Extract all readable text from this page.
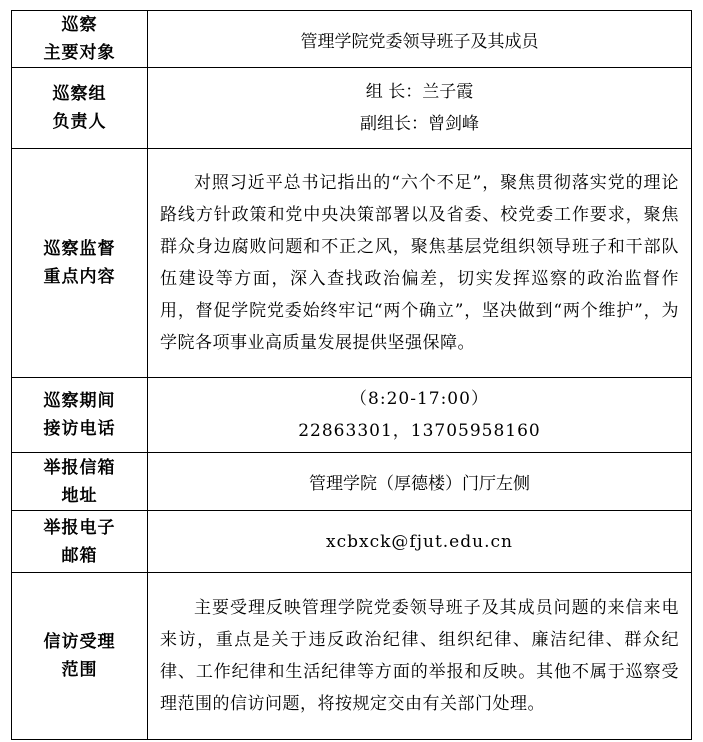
巡察
主要对象	管理学院党委领导班子及其成员

巡察组
负责人	组 长：兰子霞
副组长：曾剑峰

巡察监督
重点内容	对照习近平总书记指出的“六个不足”，聚焦贯彻落实党的理论路线方针政策和党中央决策部署以及省委、校党委工作要求，聚焦群众身边腐败问题和不正之风，聚焦基层党组织领导班子和干部队伍建设等方面，深入查找政治偏差，切实发挥巡察的政治监督作用，督促学院党委始终牢记“两个确立”，坚决做到“两个维护”，为学院各项事业高质量发展提供坚强保障。

巡察期间
接访电话	（8:20-17:00）
22863301，13705958160

举报信箱
地址	管理学院（厚德楼）门厅左侧

举报电子
邮箱	xcbxck@fjut.edu.cn

信访受理
范围	主要受理反映管理学院党委领导班子及其成员问题的来信来电来访，重点是关于违反政治纪律、组织纪律、廉洁纪律、群众纪律、工作纪律和生活纪律等方面的举报和反映。其他不属于巡察受理范围的信访问题，将按规定交由有关部门处理。
